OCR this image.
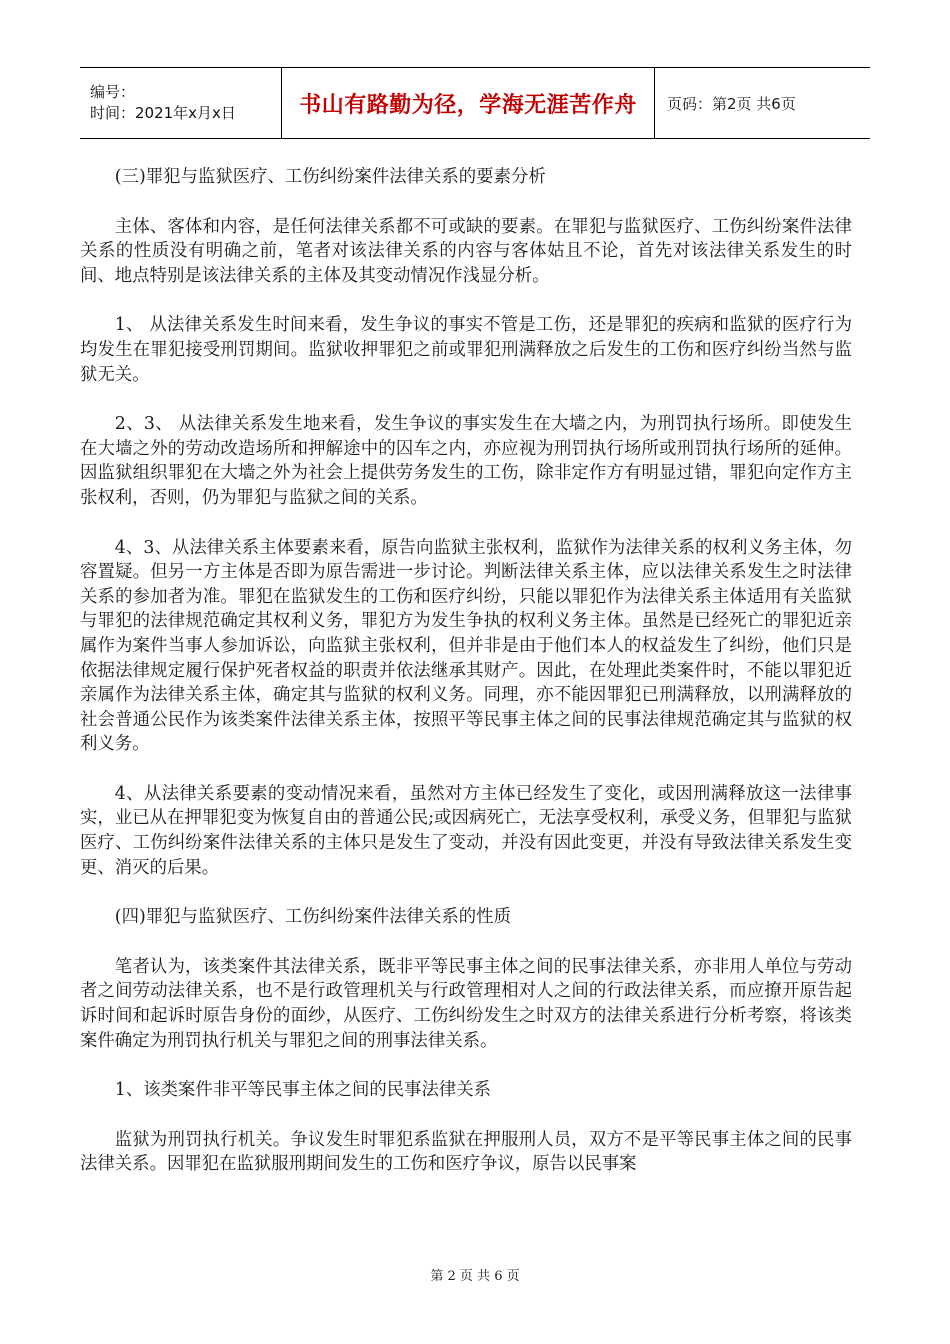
编号：
时间：2021年x月x日	书山有路勤为径，学海无涯苦作舟 页码：第2页 共6页

(三)罪犯与监狱医疗、工伤纠纷案件法律关系的要素分析

主体、客体和内容，是任何法律关系都不可或缺的要素。在罪犯与监狱医疗、工伤纠纷案件法律关系的性质没有明确之前，笔者对该法律关系的内容与客体姑且不论，首先对该法律关系发生的时间、地点特别是该法律关系的主体及其变动情况作浅显分析。

1、 从法律关系发生时间来看，发生争议的事实不管是工伤，还是罪犯的疾病和监狱的医疗行为均发生在罪犯接受刑罚期间。监狱收押罪犯之前或罪犯刑满释放之后发生的工伤和医疗纠纷当然与监狱无关。

2、3、 从法律关系发生地来看，发生争议的事实发生在大墙之内，为刑罚执行场所。即使发生在大墙之外的劳动改造场所和押解途中的囚车之内，亦应视为刑罚执行场所或刑罚执行场所的延伸。因监狱组织罪犯在大墙之外为社会上提供劳务发生的工伤，除非定作方有明显过错，罪犯向定作方主张权利，否则，仍为罪犯与监狱之间的关系。

4、3、从法律关系主体要素来看，原告向监狱主张权利，监狱作为法律关系的权利义务主体，勿容置疑。但另一方主体是否即为原告需进一步讨论。判断法律关系主体，应以法律关系发生之时法律关系的参加者为准。罪犯在监狱发生的工伤和医疗纠纷，只能以罪犯作为法律关系主体适用有关监狱与罪犯的法律规范确定其权利义务，罪犯方为发生争执的权利义务主体。虽然是已经死亡的罪犯近亲属作为案件当事人参加诉讼，向监狱主张权利，但并非是由于他们本人的权益发生了纠纷，他们只是依据法律规定履行保护死者权益的职责并依法继承其财产。因此，在处理此类案件时，不能以罪犯近亲属作为法律关系主体，确定其与监狱的权利义务。同理，亦不能因罪犯已刑满释放，以刑满释放的社会普通公民作为该类案件法律关系主体，按照平等民事主体之间的民事法律规范确定其与监狱的权利义务。

4、从法律关系要素的变动情况来看，虽然对方主体已经发生了变化，或因刑满释放这一法律事实，业已从在押罪犯变为恢复自由的普通公民;或因病死亡，无法享受权利，承受义务，但罪犯与监狱医疗、工伤纠纷案件法律关系的主体只是发生了变动，并没有因此变更，并没有导致法律关系发生变更、消灭的后果。

(四)罪犯与监狱医疗、工伤纠纷案件法律关系的性质

笔者认为，该类案件其法律关系，既非平等民事主体之间的民事法律关系，亦非用人单位与劳动者之间劳动法律关系，也不是行政管理机关与行政管理相对人之间的行政法律关系，而应撩开原告起诉时间和起诉时原告身份的面纱，从医疗、工伤纠纷发生之时双方的法律关系进行分析考察，将该类案件确定为刑罚执行机关与罪犯之间的刑事法律关系。

1、该类案件非平等民事主体之间的民事法律关系

监狱为刑罚执行机关。争议发生时罪犯系监狱在押服刑人员，双方不是平等民事主体之间的民事法律关系。因罪犯在监狱服刑期间发生的工伤和医疗争议，原告以民事案

第 2 页 共 6 页
